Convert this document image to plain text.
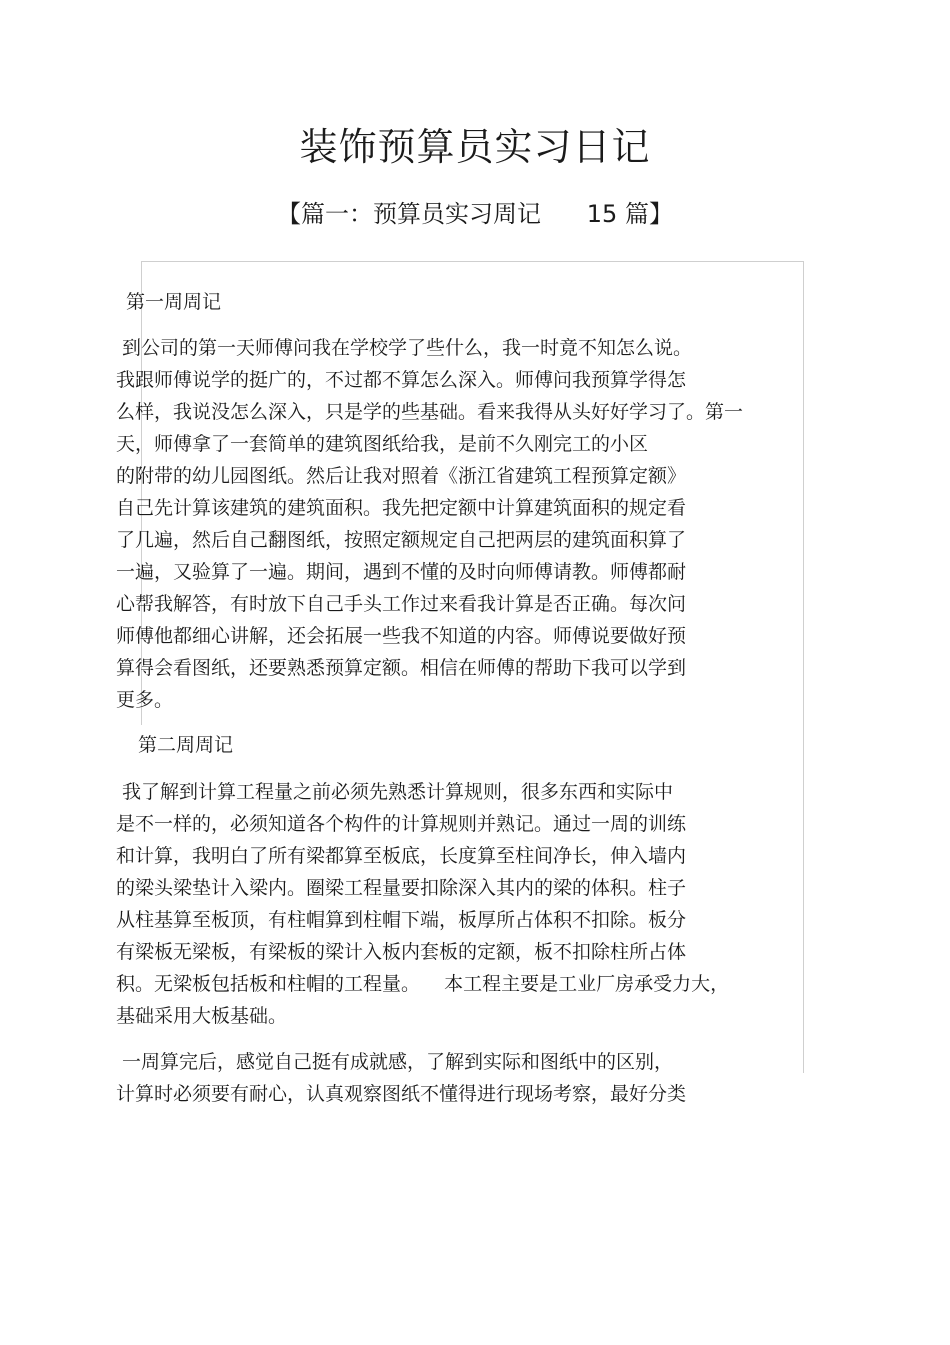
装饰预算员实习日记
【篇一：预算员实习周记      15 篇】
第一周周记
到公司的第一天师傅问我在学校学了些什么，我一时竟不知怎么说。
我跟师傅说学的挺广的，不过都不算怎么深入。师傅问我预算学得怎
么样，我说没怎么深入，只是学的些基础。看来我得从头好好学习了。第一
天，师傅拿了一套简单的建筑图纸给我，是前不久刚完工的小区
的附带的幼儿园图纸。然后让我对照着《浙江省建筑工程预算定额》
自己先计算该建筑的建筑面积。我先把定额中计算建筑面积的规定看
了几遍，然后自己翻图纸，按照定额规定自己把两层的建筑面积算了
一遍，又验算了一遍。期间，遇到不懂的及时向师傅请教。师傅都耐
心帮我解答，有时放下自己手头工作过来看我计算是否正确。每次问
师傅他都细心讲解，还会拓展一些我不知道的内容。师傅说要做好预
算得会看图纸，还要熟悉预算定额。相信在师傅的帮助下我可以学到
更多。
第二周周记
我了解到计算工程量之前必须先熟悉计算规则，很多东西和实际中
是不一样的，必须知道各个构件的计算规则并熟记。通过一周的训练
和计算，我明白了所有梁都算至板底，长度算至柱间净长，伸入墙内
的梁头梁垫计入梁内。圈梁工程量要扣除深入其内的梁的体积。柱子
从柱基算至板顶，有柱帽算到柱帽下端，板厚所占体积不扣除。板分
有梁板无梁板，有梁板的梁计入板内套板的定额，板不扣除柱所占体
积。无梁板包括板和柱帽的工程量。    本工程主要是工业厂房承受力大，
基础采用大板基础。
一周算完后，感觉自己挺有成就感，了解到实际和图纸中的区别，
计算时必须要有耐心，认真观察图纸不懂得进行现场考察，最好分类
